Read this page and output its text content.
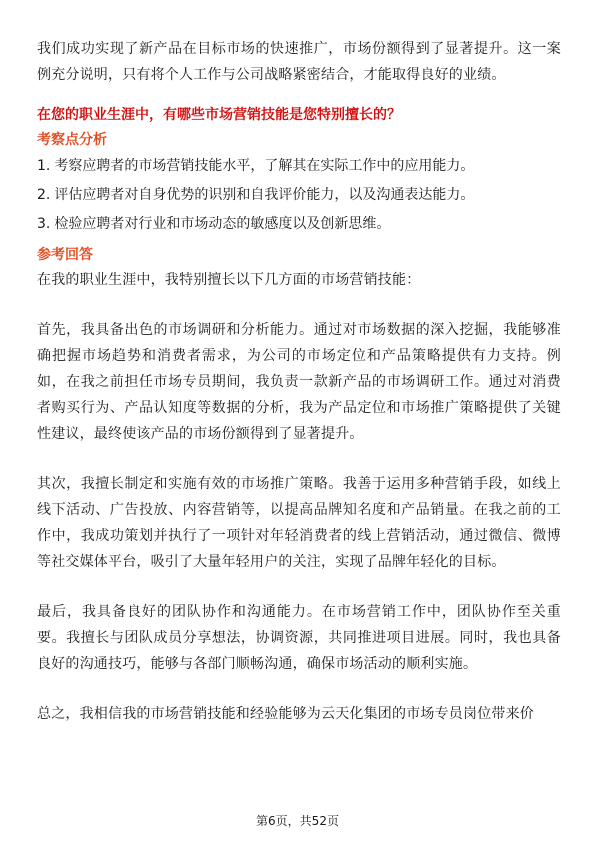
我们成功实现了新产品在目标市场的快速推广，市场份额得到了显著提升。这一案例充分说明，只有将个人工作与公司战略紧密结合，才能取得良好的业绩。

在您的职业生涯中，有哪些市场营销技能是您特别擅长的？

考察点分析

1. 考察应聘者的市场营销技能水平，了解其在实际工作中的应用能力。

2. 评估应聘者对自身优势的识别和自我评价能力，以及沟通表达能力。

3. 检验应聘者对行业和市场动态的敏感度以及创新思维。

参考回答

在我的职业生涯中，我特别擅长以下几方面的市场营销技能：

首先，我具备出色的市场调研和分析能力。通过对市场数据的深入挖掘，我能够准确把握市场趋势和消费者需求，为公司的市场定位和产品策略提供有力支持。例如，在我之前担任市场专员期间，我负责一款新产品的市场调研工作。通过对消费者购买行为、产品认知度等数据的分析，我为产品定位和市场推广策略提供了关键性建议，最终使该产品的市场份额得到了显著提升。

其次，我擅长制定和实施有效的市场推广策略。我善于运用多种营销手段，如线上线下活动、广告投放、内容营销等，以提高品牌知名度和产品销量。在我之前的工作中，我成功策划并执行了一项针对年轻消费者的线上营销活动，通过微信、微博等社交媒体平台，吸引了大量年轻用户的关注，实现了品牌年轻化的目标。

最后，我具备良好的团队协作和沟通能力。在市场营销工作中，团队协作至关重要。我擅长与团队成员分享想法，协调资源，共同推进项目进展。同时，我也具备良好的沟通技巧，能够与各部门顺畅沟通，确保市场活动的顺利实施。

总之，我相信我的市场营销技能和经验能够为云天化集团的市场专员岗位带来价

第6页，共52页
